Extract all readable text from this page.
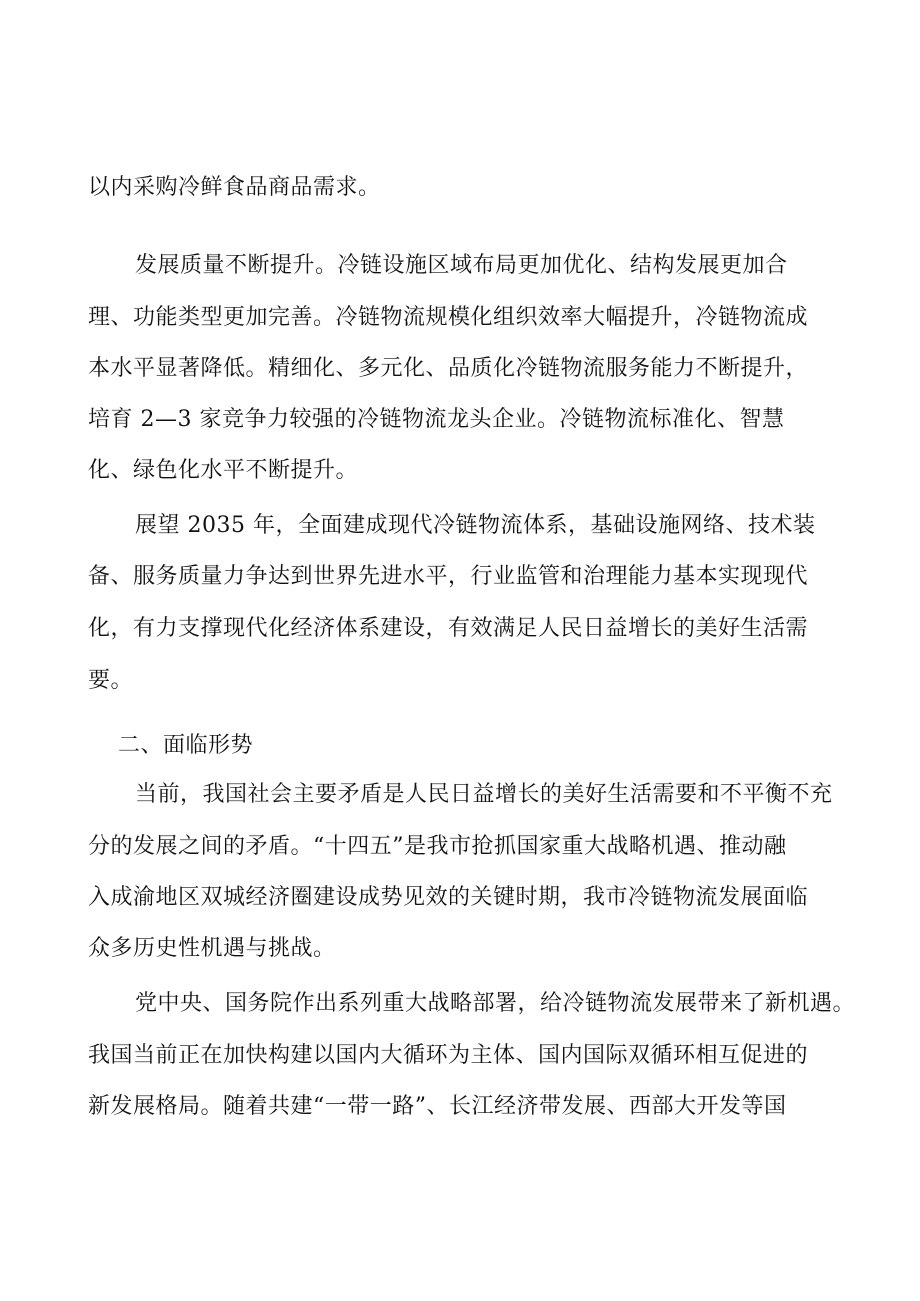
以内采购冷鲜食品商品需求。
发展质量不断提升。冷链设施区域布局更加优化、结构发展更加合
理、功能类型更加完善。冷链物流规模化组织效率大幅提升，冷链物流成
本水平显著降低。精细化、多元化、品质化冷链物流服务能力不断提升，
培育 2—3 家竞争力较强的冷链物流龙头企业。冷链物流标准化、智慧
化、绿色化水平不断提升。
展望 2035 年，全面建成现代冷链物流体系，基础设施网络、技术装
备、服务质量力争达到世界先进水平，行业监管和治理能力基本实现现代
化，有力支撑现代化经济体系建设，有效满足人民日益增长的美好生活需
要。
二、面临形势
当前，我国社会主要矛盾是人民日益增长的美好生活需要和不平衡不充
分的发展之间的矛盾。“十四五”是我市抢抓国家重大战略机遇、推动融
入成渝地区双城经济圈建设成势见效的关键时期，我市冷链物流发展面临
众多历史性机遇与挑战。
党中央、国务院作出系列重大战略部署，给冷链物流发展带来了新机遇。
我国当前正在加快构建以国内大循环为主体、国内国际双循环相互促进的
新发展格局。随着共建“一带一路”、长江经济带发展、西部大开发等国
